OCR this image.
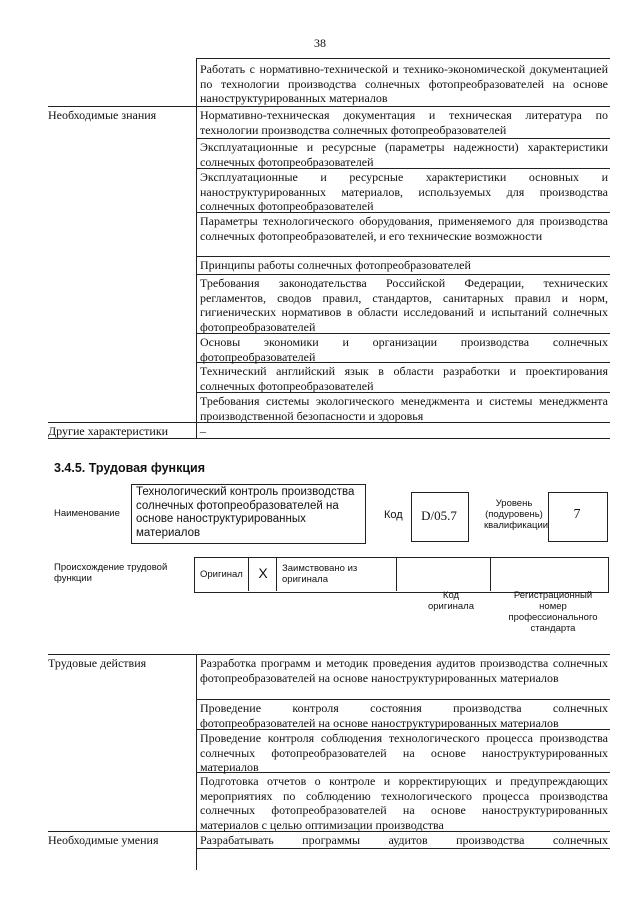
38
Работать с нормативно-технической и технико-экономической документацией по технологии производства солнечных фотопреобразователей на основе наноструктурированных материалов
Необходимые знания	Нормативно-техническая документация и техническая литература по технологии производства солнечных фотопреобразователей
Эксплуатационные и ресурсные (параметры надежности) характеристики солнечных фотопреобразователей
Эксплуатационные и ресурсные характеристики основных и наноструктурированных материалов, используемых для производства солнечных фотопреобразователей
Параметры технологического оборудования, применяемого для производства солнечных фотопреобразователей, и его технические возможности
Принципы работы солнечных фотопреобразователей
Требования законодательства Российской Федерации, технических регламентов, сводов правил, стандартов, санитарных правил и норм, гигиенических нормативов в области исследований и испытаний солнечных фотопреобразователей
Основы экономики и организации производства солнечных фотопреобразователей
Технический английский язык в области разработки и проектирования солнечных фотопреобразователей
Требования системы экологического менеджмента и системы менеджмента производственной безопасности и здоровья
Другие характеристики	–
3.4.5. Трудовая функция
Наименование
Технологический контроль производства солнечных фотопреобразователей на основе наноструктурированных материалов
Код	D/05.7
Уровень (подуровень) квалификации
7
Происхождение трудовой функции	Оригинал	X	Заимствовано из оригинала
Код оригинала
Регистрационный номер профессионального стандарта
Трудовые действия	Разработка программ и методик проведения аудитов производства солнечных фотопреобразователей на основе наноструктурированных материалов
Проведение контроля состояния производства солнечных фотопреобразователей на основе наноструктурированных материалов
Проведение контроля соблюдения технологического процесса производства солнечных фотопреобразователей на основе наноструктурированных материалов
Подготовка отчетов о контроле и корректирующих и предупреждающих мероприятиях по соблюдению технологического процесса производства солнечных фотопреобразователей на основе наноструктурированных материалов с целью оптимизации производства
Необходимые умения	Разрабатывать программы аудитов производства солнечных
